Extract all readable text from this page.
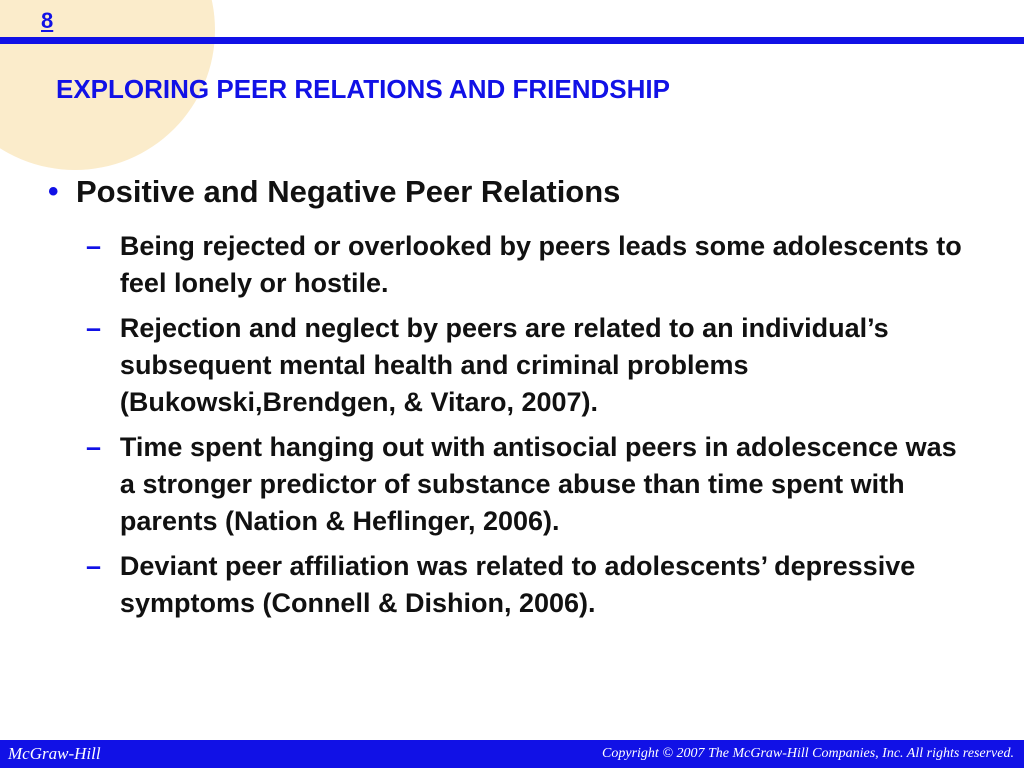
8
EXPLORING PEER RELATIONS AND FRIENDSHIP
• Positive and Negative Peer Relations
– Being rejected or overlooked by peers leads some adolescents to feel lonely or hostile.
– Rejection and neglect by peers are related to an individual’s subsequent mental health and criminal problems (Bukowski,Brendgen, & Vitaro, 2007).
– Time spent hanging out with antisocial peers in adolescence was a stronger predictor of substance abuse than time spent with parents (Nation & Heflinger, 2006).
– Deviant peer affiliation was related to adolescents’ depressive symptoms (Connell & Dishion, 2006).
McGraw-Hill	Copyright © 2007 The McGraw-Hill Companies, Inc. All rights reserved.
